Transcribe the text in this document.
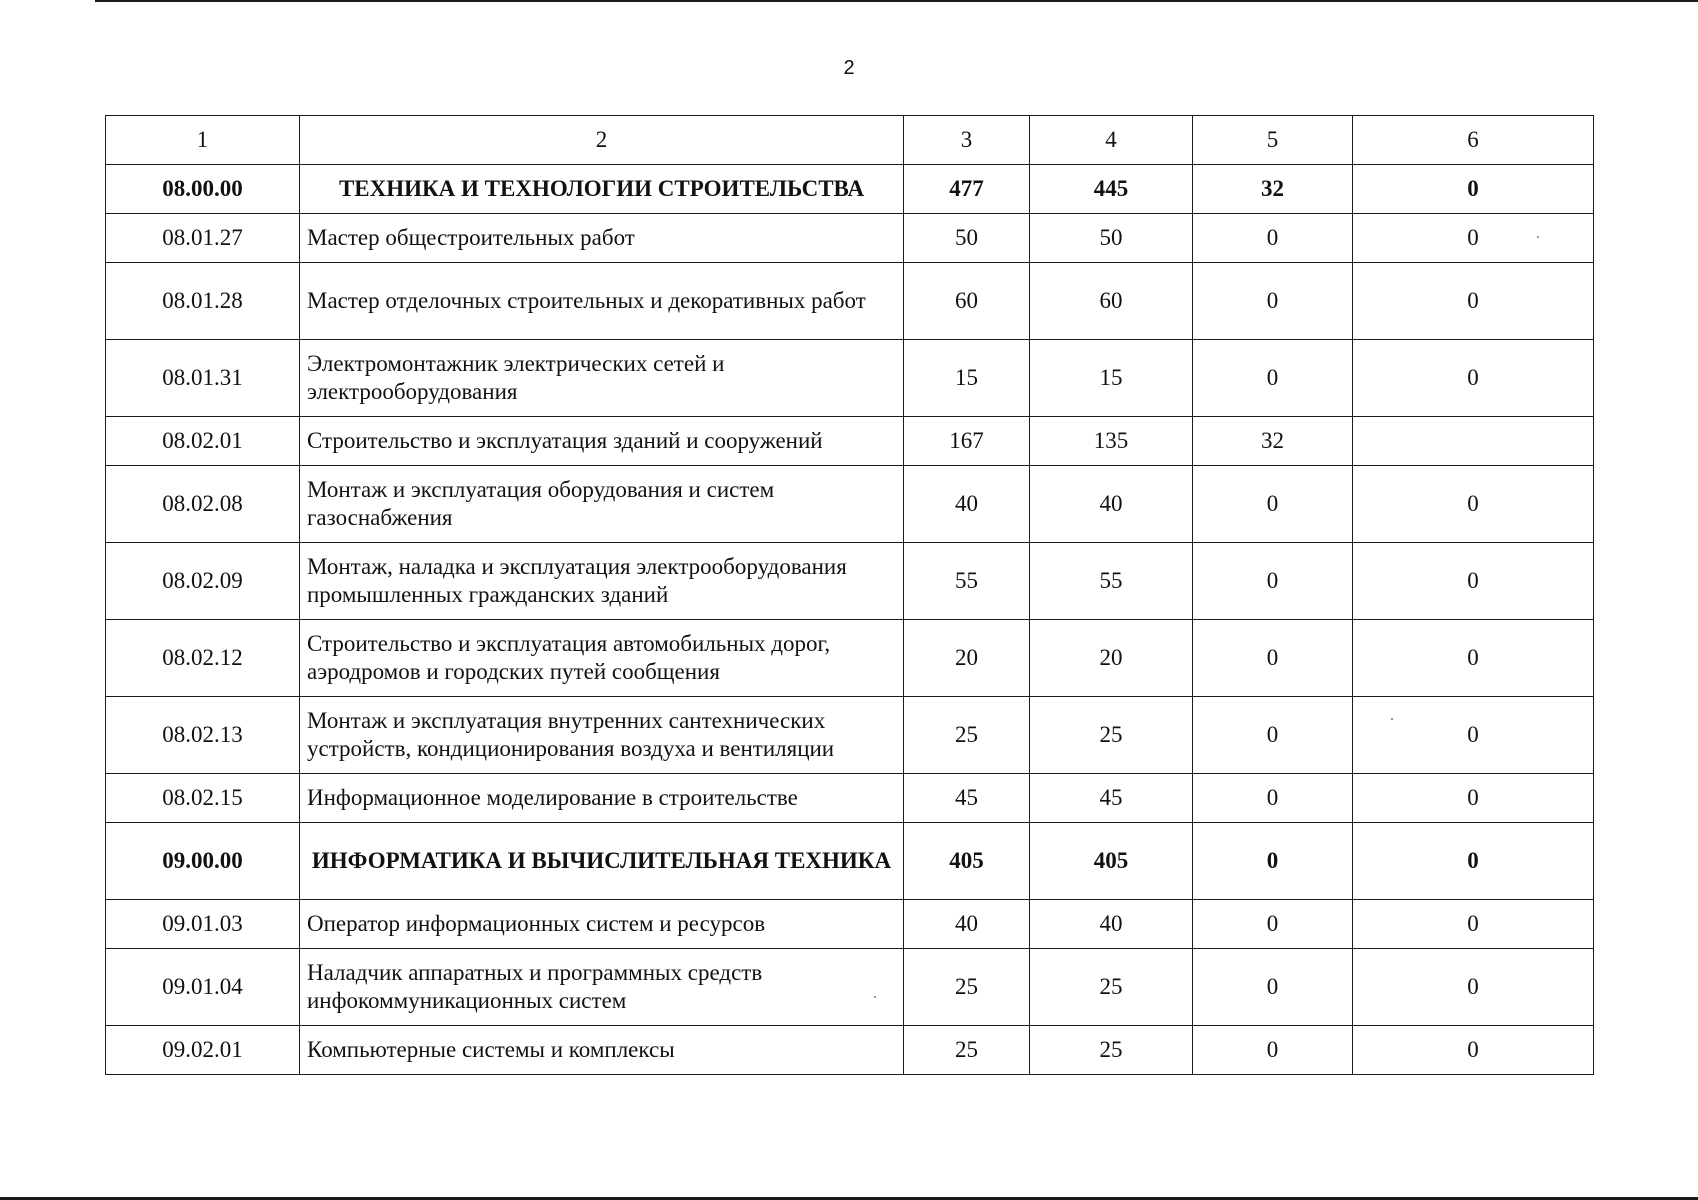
2
1	2	3	4	5	6
08.00.00	ТЕХНИКА И ТЕХНОЛОГИИ СТРОИТЕЛЬСТВА	477	445	32	0
08.01.27	Мастер общестроительных работ	50	50	0	0
08.01.28	Мастер отделочных строительных и декоративных работ	60	60	0	0
08.01.31	Электромонтажник электрических сетей и электрооборудования	15	15	0	0
08.02.01	Строительство и эксплуатация зданий и сооружений	167	135	32	
08.02.08	Монтаж и эксплуатация оборудования и систем газоснабжения	40	40	0	0
08.02.09	Монтаж, наладка и эксплуатация электрооборудования промышленных гражданских зданий	55	55	0	0
08.02.12	Строительство и эксплуатация автомобильных дорог, аэродромов и городских путей сообщения	20	20	0	0
08.02.13	Монтаж и эксплуатация внутренних сантехнических устройств, кондиционирования воздуха и вентиляции	25	25	0	0
08.02.15	Информационное моделирование в строительстве	45	45	0	0
09.00.00	ИНФОРМАТИКА И ВЫЧИСЛИТЕЛЬНАЯ ТЕХНИКА	405	405	0	0
09.01.03	Оператор информационных систем и ресурсов	40	40	0	0
09.01.04	Наладчик аппаратных и программных средств инфокоммуникационных систем	25	25	0	0
09.02.01	Компьютерные системы и комплексы	25	25	0	0
